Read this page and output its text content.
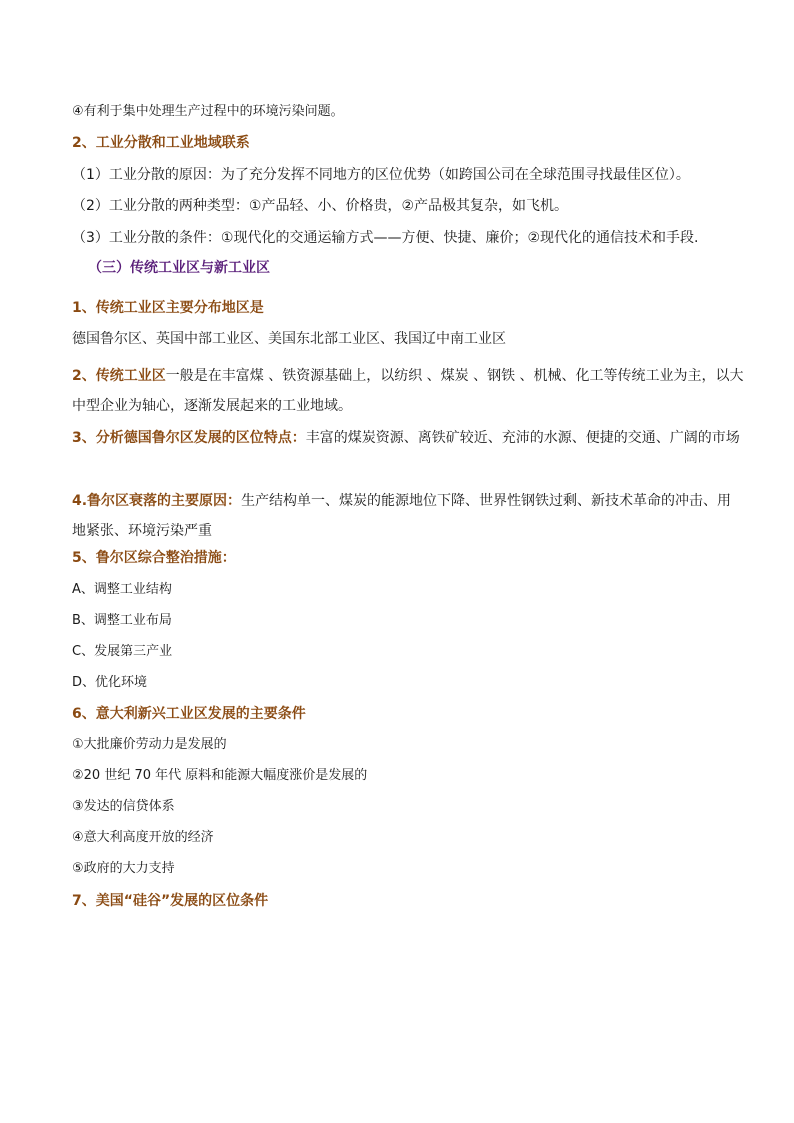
④有利于集中处理生产过程中的环境污染问题。
2、工业分散和工业地域联系
（1）工业分散的原因：为了充分发挥不同地方的区位优势（如跨国公司在全球范围寻找最佳区位）。
（2）工业分散的两种类型：①产品轻、小、价格贵，②产品极其复杂，如飞机。
（3）工业分散的条件：①现代化的交通运输方式——方便、快捷、廉价；②现代化的通信技术和手段.
（三）传统工业区与新工业区
1、传统工业区主要分布地区是
德国鲁尔区、英国中部工业区、美国东北部工业区、我国辽中南工业区
2、传统工业区一般是在丰富煤 、铁资源基础上，以纺织 、煤炭 、钢铁 、机械、化工等传统工业为主，以大中型企业为轴心，逐渐发展起来的工业地域。
3、分析德国鲁尔区发展的区位特点：丰富的煤炭资源、离铁矿较近、充沛的水源、便捷的交通、广阔的市场
4.鲁尔区衰落的主要原因：生产结构单一、煤炭的能源地位下降、世界性钢铁过剩、新技术革命的冲击、用地紧张、环境污染严重
5、鲁尔区综合整治措施：
A、调整工业结构
B、调整工业布局
C、发展第三产业
D、优化环境
6、意大利新兴工业区发展的主要条件
①大批廉价劳动力是发展的
②20 世纪 70 年代 原料和能源大幅度涨价是发展的
③发达的信贷体系
④意大利高度开放的经济
⑤政府的大力支持
7、美国“硅谷”发展的区位条件
